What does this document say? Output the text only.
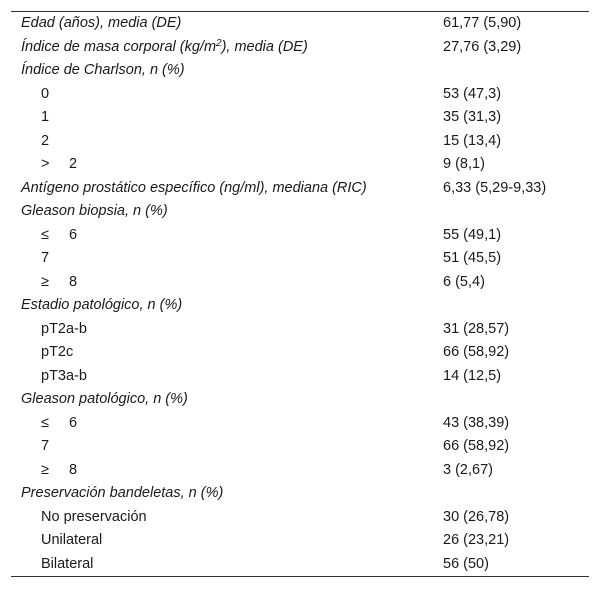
Edad (años), media (DE)	61,77 (5,90)
Índice de masa corporal $(kg/m^2)$, media (DE)	27,76 (3,29)
Índice de Charlson, n (%)
0	53 (47,3)
1	35 (31,3)
2	15 (13,4)
> 2	9 (8,1)
Antígeno prostático específico (ng/ml), mediana (RIC)	6,33 (5,29-9,33)
Gleason biopsia, n (%)
≤ 6	55 (49,1)
7	51 (45,5)
≥ 8	6 (5,4)
Estadio patológico, n (%)
pT2a-b	31 (28,57)
pT2c	66 (58,92)
pT3a-b	14 (12,5)
Gleason patológico, n (%)
≤ 6	43 (38,39)
7	66 (58,92)
≥ 8	3 (2,67)
Preservación bandeletas, n (%)
No preservación	30 (26,78)
Unilateral	26 (23,21)
Bilateral	56 (50)
